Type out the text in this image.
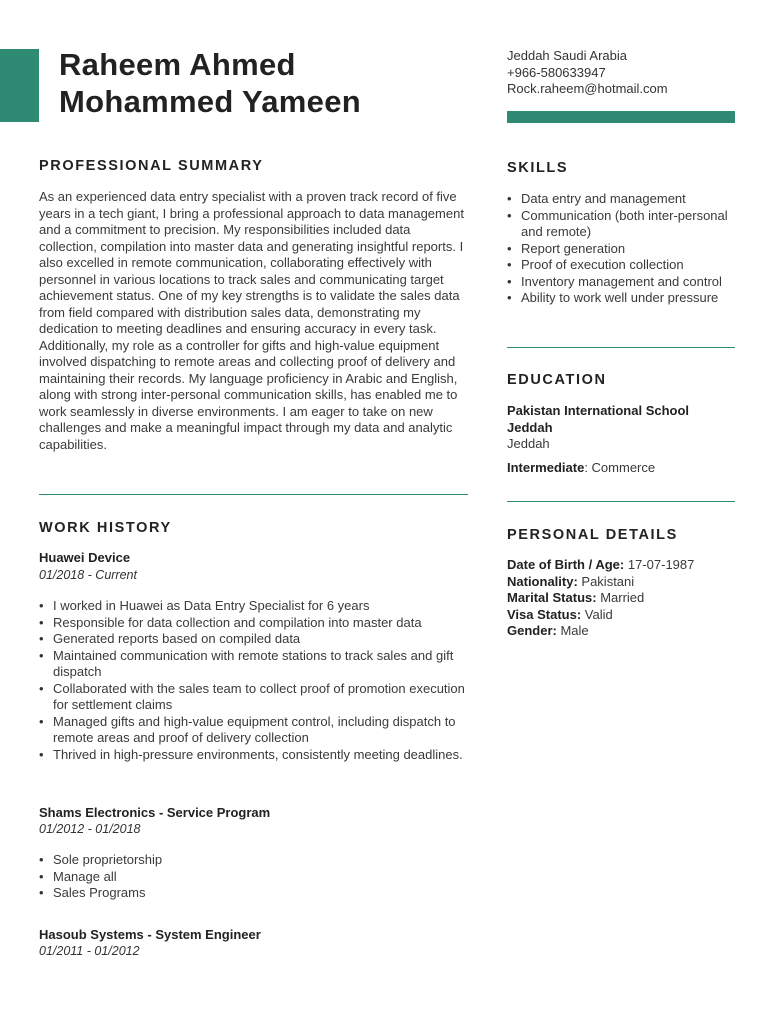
Raheem Ahmed
Mohammed Yameen
Jeddah Saudi Arabia
+966-580633947
Rock.raheem@hotmail.com
PROFESSIONAL SUMMARY

As an experienced data entry specialist with a proven track record of five years in a tech giant, I bring a professional approach to data management and a commitment to precision. My responsibilities included data collection, compilation into master data and generating insightful reports. I also excelled in remote communication, collaborating effectively with personnel in various locations to track sales and communicating target achievement status. One of my key strengths is to validate the sales data from field compared with distribution sales data, demonstrating my dedication to meeting deadlines and ensuring accuracy in every task. Additionally, my role as a controller for gifts and high-value equipment involved dispatching to remote areas and collecting proof of delivery and maintaining their records. My language proficiency in Arabic and English, along with strong inter-personal communication skills, has enabled me to work seamlessly in diverse environments. I am eager to take on new challenges and make a meaningful impact through my data and analytic capabilities.

WORK HISTORY
Huawei Device
01/2018 - Current
• I worked in Huawei as Data Entry Specialist for 6 years
• Responsible for data collection and compilation into master data
• Generated reports based on compiled data
• Maintained communication with remote stations to track sales and gift dispatch
• Collaborated with the sales team to collect proof of promotion execution for settlement claims
• Managed gifts and high-value equipment control, including dispatch to remote areas and proof of delivery collection
• Thrived in high-pressure environments, consistently meeting deadlines.
Shams Electronics - Service Program
01/2012 - 01/2018
• Sole proprietorship
• Manage all
• Sales Programs
Hasoub Systems - System Engineer
01/2011 - 01/2012
SKILLS
• Data entry and management
• Communication (both inter-personal and remote)
• Report generation
• Proof of execution collection
• Inventory management and control
• Ability to work well under pressure
EDUCATION
Pakistan International School Jeddah
Jeddah
Intermediate: Commerce
PERSONAL DETAILS
Date of Birth / Age: 17-07-1987
Nationality: Pakistani
Marital Status: Married
Visa Status: Valid
Gender: Male
